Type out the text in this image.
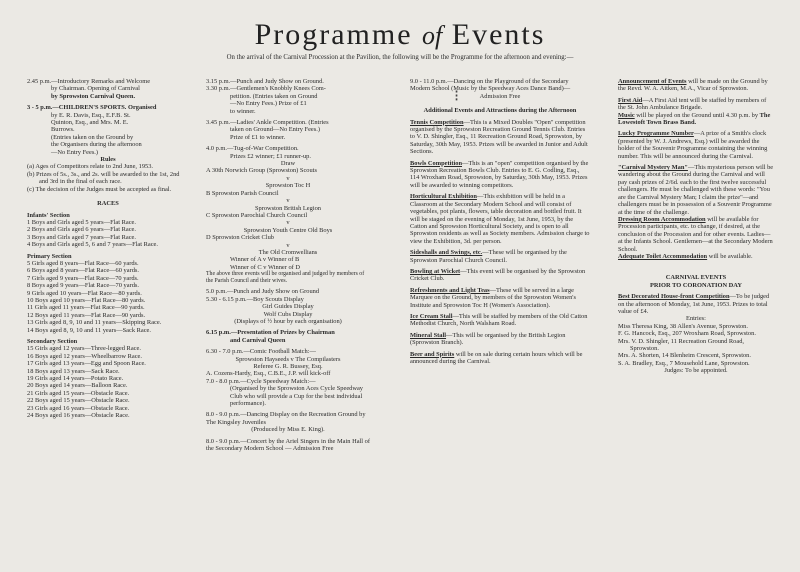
Programme of Events
On the arrival of the Carnival Procession at the Pavilion, the following will be the Programme for the afternoon and evening:—
⁝

2.45 p.m.—Introductory Remarks and Welcome

by Chairman. Opening of Carnival

by Sprowston Carnival Queen.

3 - 5 p.m.—CHILDREN'S SPORTS. Organised

by E. R. Davis, Esq., E.F.B. St.

Quinton, Esq., and Mrs. M. E.

Burrows.

(Entries taken on the Ground by

the Organisers during the afternoon

—No Entry Fees.)

Rules

(a) Ages of Competitors relate to 2nd June, 1953.

(b) Prizes of 5s., 3s., and 2s. will be awarded to the 1st, 2nd and 3rd in the final of each race.

(c) The decision of the Judges must be accepted as final.

RACES

Infants' Section

1 Boys and Girls aged 5 years—Flat Race.

2 Boys and Girls aged 6 years—Flat Race.

3 Boys and Girls aged 7 years—Flat Race.

4 Boys and Girls aged 5, 6 and 7 years—Flat Race.

Primary Section

5 Girls aged 8 years—Flat Race—60 yards.

6 Boys aged 8 years—Flat Race—60 yards.

7 Girls aged 9 years—Flat Race—70 yards.

8 Boys aged 9 years—Flat Race—70 yards.

9 Girls aged 10 years—Flat Race—80 yards.

10 Boys aged 10 years—Flat Race—80 yards.

11 Girls aged 11 years—Flat Race—90 yards.

12 Boys aged 11 years—Flat Race—90 yards.

13 Girls aged 8, 9, 10 and 11 years—Skipping Race.

14 Boys aged 8, 9, 10 and 11 years—Sack Race.

Secondary Section

15 Girls aged 12 years—Three-legged Race.

16 Boys aged 12 years—Wheelbarrow Race.

17 Girls aged 13 years—Egg and Spoon Race.

18 Boys aged 13 years—Sack Race.

19 Girls aged 14 years—Potato Race.

20 Boys aged 14 years—Balloon Race.

21 Girls aged 15 years—Obstacle Race.

22 Boys aged 15 years—Obstacle Race.

23 Girls aged 16 years—Obstacle Race.

24 Boys aged 16 years—Obstacle Race.

3.15 p.m.—Punch and Judy Show on Ground.

3.30 p.m.—Gentlemen's Knobbly Knees Com-

petition. (Entries taken on Ground

—No Entry Fees.) Prize of £1

to winner.

3.45 p.m.—Ladies' Ankle Competition. (Entries

taken on Ground—No Entry Fees.)

Prize of £1 to winner.

4.0 p.m.—Tug-of-War Competition.

Prizes £2 winner; £1 runner-up.

Draw

A 30th Norwich Group (Sprowston) Scouts

v

Sprowston Toc H

B Sprowston Parish Council

v

Sprowston British Legion

C Sprowston Parochial Church Council

v

Sprowston Youth Centre Old Boys

D Sprowston Cricket Club

v

The Old Cromwellians

Winner of A v Winner of B

Winner of C v Winner of D

The above three events will be organised and judged by members of the Parish Council and their wives.

5.0 p.m.—Punch and Judy Show on Ground

5.30 - 6.15 p.m.—Boy Scouts Display

Girl Guides Display

Wolf Cubs Display

(Displays of ½ hour by each organisation)

6.15 p.m.—Presentation of Prizes by Chairman

and Carnival Queen

6.30 - 7.0 p.m.—Comic Football Match:—

Sprowston Hayseeds v The Compilasters

Referee G. R. Bussey, Esq.

A. Cozens-Hardy, Esq., C.B.E., J.P. will kick-off

7.0 - 8.0 p.m.—Cycle Speedway Match:—

(Organised by the Sprowston Aces Cycle Speedway Club who will provide a Cup for the best individual performance).

8.0 - 9.0 p.m.—Dancing Display on the Recreation Ground by The Kingsley Juveniles

(Produced by Miss E. King).

8.0 - 9.0 p.m.—Concert by the Ariel Singers in the Main Hall of the Secondary Modern School — Admission Free

9.0 - 11.0 p.m.—Dancing on the Playground of the Secondary Modern School (Music by the Speedway Aces Dance Band)—

Admission Free

Additional Events and Attractions during the Afternoon

Tennis Competition—This is a Mixed Doubles "Open" competition organised by the Sprowston Recreation Ground Tennis Club. Entries to V. D. Shingler, Esq., 11 Recreation Ground Road, Sprowston, by Saturday, 30th May, 1953. Prizes will be awarded in Junior and Adult Sections.

Bowls Competition—This is an "open" competition organised by the Sprowston Recreation Bowls Club. Entries to E. G. Codling, Esq., 114 Wroxham Road, Sprowston, by Saturday, 30th May, 1953. Prizes will be awarded to winning competitors.

Horticultural Exhibition—This exhibition will be held in a Classroom at the Secondary Modern School and will consist of vegetables, pot plants, flowers, table decoration and bottled fruit. It will be staged on the evening of Monday, 1st June, 1953, by the Catton and Sprowston Horticultural Society, and is open to all Sprowston residents as well as Society members. Admission charge to view the Exhibition, 3d. per person.

Sideshalls and Swings, etc.—These will be organised by the Sprowston Parochial Church Council.

Bowling at Wicket—This event will be organised by the Sprowston Cricket Club.

Refreshments and Light Teas—These will be served in a large Marquee on the Ground, by members of the Sprowston Women's Institute and Sprowston Toc H (Women's Association).

Ice Cream Stall—This will be staffed by members of the Old Catton Methodist Church, North Walsham Road.

Mineral Stall—This will be organised by the British Legion (Sprowston Branch).

Beer and Spirits will be on sale during certain hours which will be announced during the Carnival.

Announcement of Events will be made on the Ground by the Revd. W. A. Aitken, M.A., Vicar of Sprowston.

First Aid—A First Aid tent will be staffed by members of the St. John Ambulance Brigade.

Music will be played on the Ground until 4.30 p.m. by The Lowestoft Town Brass Band.

Lucky Programme Number—A prize of a Smith's clock (presented by W. J. Andrews, Esq.) will be awarded the holder of the Souvenir Programme containing the winning number. This will be announced during the Carnival.

"Carnival Mystery Man"—This mysterious person will be wandering about the Ground during the Carnival and will pay cash prizes of 2/6d. each to the first twelve successful challengers. He must be challenged with these words: "You are the Carnival Mystery Man; I claim the prize"—and challengers must be in possession of a Souvenir Programme at the time of the challenge.

Dressing Room Accommodation will be available for Procession participants, etc. to change, if desired, at the conclusion of the Procession and for other events. Ladies—at the Infants School. Gentlemen—at the Secondary Modern School.

Adequate Toilet Accommodation will be available.

CARNIVAL EVENTS

PRIOR TO CORONATION DAY

Best Decorated House-front Competition—To be judged on the afternoon of Monday, 1st June, 1953. Prizes to total value of £4.

Entries:

Miss Theresa King, 38 Allen's Avenue, Sprowston.

F. G. Hancock, Esq., 207 Wroxham Road, Sprowston.

Mrs. V. D. Shingler, 11 Recreation Ground Road, Sprowston.

Mrs. A. Shorten, 14 Blenheim Crescent, Sprowston.

S. A. Bradley, Esq., 7 Mousehold Lane, Sprowston.

Judges: To be appointed.
